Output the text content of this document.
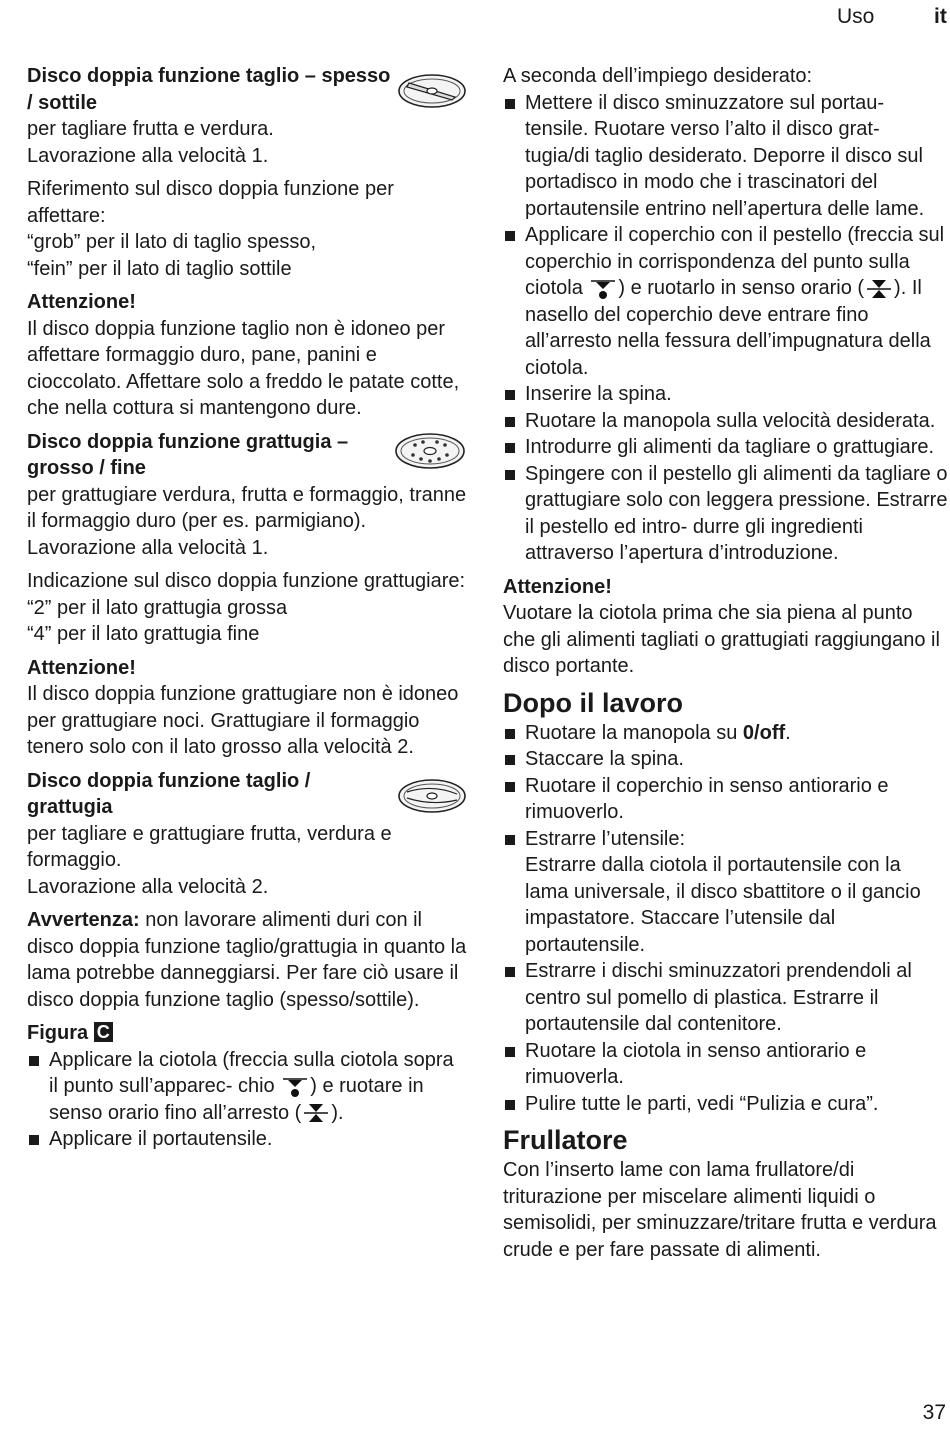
Uso	it

Disco doppia funzione taglio – spesso / sottile

per tagliare frutta e verdura.

Lavorazione alla velocità 1.

Riferimento sul disco doppia funzione per affettare:

“grob” per il lato di taglio spesso,

“fein” per il lato di taglio sottile

Attenzione!

Il disco doppia funzione taglio non è idoneo per affettare formaggio duro, pane, panini e cioccolato. Affettare solo a freddo le patate cotte, che nella cottura si mantengono dure.

Disco doppia funzione grattugia – grosso / fine

per grattugiare verdura, frutta e formaggio, tranne il formaggio duro (per es. parmigiano).

Lavorazione alla velocità 1.

Indicazione sul disco doppia funzione grattugiare:

“2” per il lato grattugia grossa

“4” per il lato grattugia fine

Attenzione!

Il disco doppia funzione grattugiare non è idoneo per grattugiare noci. Grattugiare il formaggio tenero solo con il lato grosso alla velocità 2.

Disco doppia funzione taglio / grattugia

per tagliare e grattugiare frutta, verdura e formaggio.

Lavorazione alla velocità 2.

Avvertenza: non lavorare alimenti duri con il disco doppia funzione taglio/grattugia in quanto la lama potrebbe danneggiarsi. Per fare ciò usare il disco doppia funzione taglio (spesso/sottile).

Figura C

Applicare la ciotola (freccia sulla ciotola sopra il punto sull’apparec- chio ) e ruotare in senso orario fino all’arresto ( ).
Applicare il portautensile.

A seconda dell’impiego desiderato:

Mettere il disco sminuzzatore sul portau- tensile. Ruotare verso l’alto il disco grat- tugia/di taglio desiderato. Deporre il disco sul portadisco in modo che i trascinatori del portautensile entrino nell’apertura delle lame.
Applicare il coperchio con il pestello (freccia sul coperchio in corrispondenza del punto sulla ciotola ) e ruotarlo in senso orario ( ). Il nasello del coperchio deve entrare fino all’arresto nella fessura dell’impugnatura della ciotola.
Inserire la spina.
Ruotare la manopola sulla velocità desiderata.
Introdurre gli alimenti da tagliare o grattugiare.
Spingere con il pestello gli alimenti da tagliare o grattugiare solo con leggera pressione. Estrarre il pestello ed intro- durre gli ingredienti attraverso l’apertura d’introduzione.

Attenzione!

Vuotare la ciotola prima che sia piena al punto che gli alimenti tagliati o grattugiati raggiungano il disco portante.

Dopo il lavoro

Ruotare la manopola su 0/off.
Staccare la spina.
Ruotare il coperchio in senso antiorario e rimuoverlo.
Estrarre l’utensile:
Estrarre dalla ciotola il portautensile con la lama universale, il disco sbattitore o il gancio impastatore. Staccare l’utensile dal portautensile.
Estrarre i dischi sminuzzatori prendendoli al centro sul pomello di plastica. Estrarre il portautensile dal contenitore.
Ruotare la ciotola in senso antiorario e rimuoverla.
Pulire tutte le parti, vedi “Pulizia e cura”.

Frullatore

Con l’inserto lame con lama frullatore/di triturazione per miscelare alimenti liquidi o semisolidi, per sminuzzare/tritare frutta e verdura crude e per fare passate di alimenti.

37
